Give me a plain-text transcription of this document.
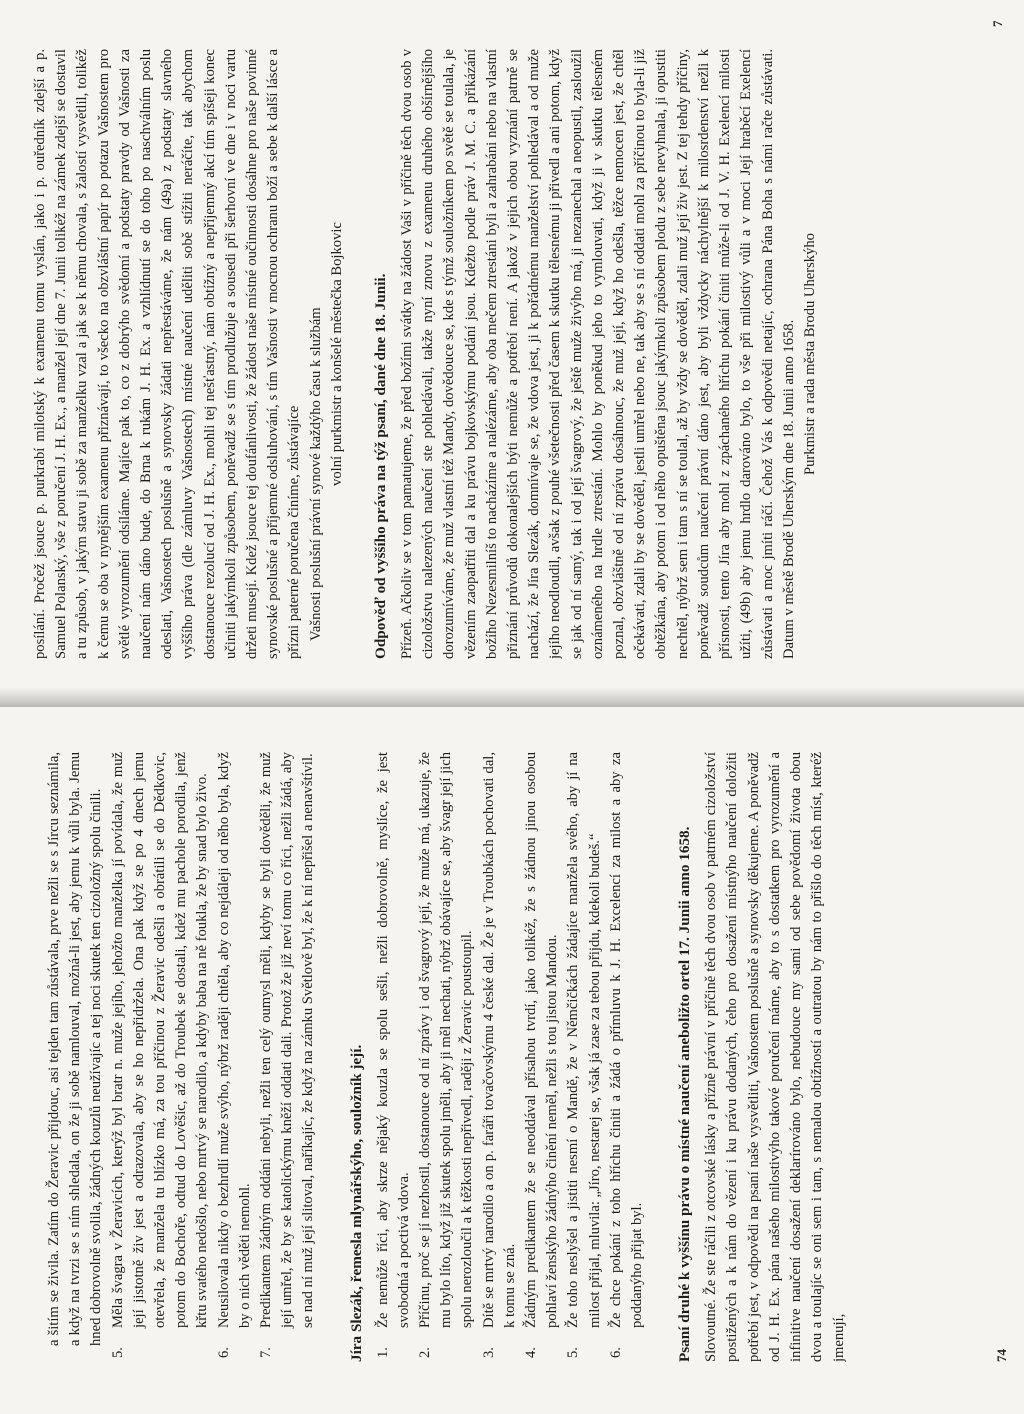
posílání. Pročež jsouce p. purkrabí milotský k examenu tomu vyslán, jako i p. ouředník zdejší a p. Samuel Polanský, vše z poručení J. H. Ex., a manžel její dne 7. Junii tolikéž na zámek zdejší se dostavil a tu způsob, v jakým stavu ji sobě za manželku vzal a jak se k němu chovala, s žalostí vysvětlil, tolikéž k čemu se oba v nynějším examenu přiznávají, to všecko na obzvláštní papír po potazu Vašnostem pro světlé vyrozumění odsíláme. Majíce pak to, co z dobrýho svědomí a podstaty pravdy od Vašnosti za naučení nám dáno bude, do Brna k rukám J. H. Ex. a vzhlídnutí se do toho po naschválním poslu odeslati, Vašnostech poslušně a synovsky žádati nepřestáváme, že nám (49a) z podstaty slavného vyššího práva (dle zámluvy Vašnostech) místné naučení uděliti sobě stížiti neráčíte, tak abychom dostanouce rezolucí od J. H. Ex., mohli tej nešťastný, nám obtížný a nepříjemný akcí tím spíšeji konec učiniti jakýmkoli způsobem, poněvadž se s tím prodlužuje a sousedi při šerhovní ve dne i v noci vartu držeti musejí. Kdež jsouce tej doufánlivosti, že žádost naše místné oučinnosti dosáhne pro naše povinné synovské poslušné a příjemné odsluhování, s tím Vašnosti v mocnou ochranu boží a sebe k další lásce a přízni paterné poručena činíme, zůstávajíce Vašnosti poslušní právní synové každýho času k službám volní purkmistr a konšelé městečka Bojkovic Odpověď od vyššího práva na týž psaní, dané dne 18. Junii. Přízeň. Ačkoliv se v tom pamatujeme, že před božími svátky na žádost Vaši v příčině těch dvou osob v cizoložstvu nalezených naučení ste pohledávali, takže nyní znovu z examenu druhého obšírnějšího dorozumíváme, že muž vlastní též Mandy, dovědouce se, kde s týmž souložníkem po světě se toulala, je vězením zaopatřiti dal a ku právu bojkovskýmu podání jsou. Kdežto podle práv J. M. C. a přikázání božího Nezesmilníš to nacházíme a nalézáme, aby oba mečem ztrestáni byli a zahrabáni nebo na vlastní přiznání průvodů dokonalejších býti nemůže a potřebí není. A jakož v jejich obou vyznání patrně se nachází, že Jíra Slezák, domnívaje se, že vdova jest, ji k pořádnému manželství pohledával a od muže jejího neodloudil, avšak z pouhé všetečnosti před časem k skutku tělesnému ji přivedl a ani potom, když se jak od ní samý, tak i od její švagrový, že ještě muže živýho má, ji nezanechal a neopustil, zasloužil oznámeného na hrdle ztrestání. Mohlo by poněkud jeho to vymlouvati, když ji v skutku tělesném poznal, obzvláštně od ní zprávu dosáhnouc, že muž její, když ho odešla, těžce nemocen jest, že chtěl očekávati, zdali by se dověděl, jestli umřel nebo ne, tak aby se s ní oddati mohl za příčinou to byla-li již obtěžkána, aby potom i od něho opuštěna jsouc jakýmkoli způsobem plodu z sebe nevyhnala, ji opustiti nechtěl, nýbrž sem i tam s ní se toulal, až by vždy se dověděl, zdali muž její živ jest. Z tej tehdy příčiny, poněvadž soudcům naučení právní dáno jest, aby byli vždycky náchylnější k milosrdenství nežli k přísnosti, tento Jíra aby mohl z zpáchaného hříchu pokání činiti může-li od J. V. H. Exelencí milosti užíti, (49b) aby jemu hrdlo darováno bylo, to vše při milostivý vůli a v moci Její hraběcí Exelencí zůstávati a moc jmíti ráčí. Čehož Vás k odpovědi netajíc, ochrana Pána Boha s námi račte zůstávati. Datum v městě Brodě Uherským dne 18. Junii anno 1658. Purkmistr a rada města Brodu Uherskýho

7

a šitím se živila. Zatím do Žeravic přijdouc, asi tejden tam zůstávala, prve nežli se s Jírcu seznámila, a když na tvrzi se s ním shledala, on že ji sobě namlouval, možná-li jest, aby jemu k vůli byla. Jemu hned dobrovolně svolila, žádných kouzlů neužívajíc a tej noci skutek ten cizoložný spolu činili.

5.
Měla švagra v Žeravicích, kterýž byl bratr n. muže jejího, jehožto manželka jí povídala, že muž její jistotně živ jest a odrazovala, aby se ho nepřidržela. Ona pak když se po 4 dnech jemu otevřela, že manžela tu blízko má, za tou příčinou z Žeravic odešli a obrátili se do Dědkovic, potom do Bochoře, odtud do Lověšic, až do Troubek se dostali, kdež mu pachole porodila, jenž křtu svatého nedošlo, nebo mrtvý se narodilo, a kdyby baba na ně foukla, že by snad bylo živo.
6.
Neusilovala nikdy o bezhrdlí muže svýho, nýbrž raději chtěla, aby co nejdáleji od něho byla, když by o nich věděti nemohl.
7.
Predikantem žádným oddáni nebyli, nežli ten celý oumysl měli, kdyby se byli dověděli, že muž její umřel, že by se katolickýmu kněží oddati dali. Protož že již neví tomu co říci, nežli žádá, aby se nad ní muž její slitoval, naříkajíc, že když na zámku Světlově byl, že k ní nepřišel a nenavštívil. Jíra Slezák, řemesla mlynářskýho, souložník její. 1.
Že nemůže říci, aby skrze nějaký kouzla se spolu sešli, nežli dobrovolně, myslíce, že jest svobodná a poctivá vdova.
2.
Příčinu, proč se jí nezhostil, dostanouce od ní zprávy i od švagrový její, že muže má, ukazuje, že mu bylo líto, když již skutek spolu jměli, aby ji měl nechati, nýbrž obávajíce se, aby švagr její jich spolu nerozloučil a k těžkosti nepřivedl, raději z Žeravic poustoupil.
3.
Dítě se mrtvý narodilo a on p. faráři tovačovskýmu 4 české dal. Že je v Troubkách pochovati dal, k tomu se zná.
4.
Žádným predikantem že se neoddával přísahou tvrdí, jako tolikéž, že s žádnou jinou osobou pohlaví ženskýho žádnýho činění neměl, nežli s tou jistou Mandou.
5.
Že toho neslyšel a jistiti nesmí o Mandě, že v Němčičkách žádajíce manžela svého, aby jí na milost přijal, mluvila: „Jíro, nestarej se, však já zase za tebou přijdu, kdekoli budeš.“
6.
Že chce pokání z toho hříchu činiti a žádá o přímluvu k J. H. Excelencí za milost a aby za poddanýho přijat byl. Psaní druhé k vyššínu právu o místné naučení aneboližto ortel 17. Junii anno 1658. Slovoutné. Že ste ráčili z otcovské lásky a přízně právní v příčině těch dvou osob v patrném cizoložství postižených a k nám do vězení i ku právu dodaných, čeho pro dosažení místnýho naučení doložiti potřebí jest, v odpovědi na psaní naše vysvětliti, Vašnostem poslušně a synovsky děkujeme. A poněvadž od J. H. Ex. pána našeho milostivýho takové poručení máme, aby to s dostatkem pro vyrozumění a infinitive naučení dosažení deklarírováno bylo, nebudouce my sami od sebe povědomí života obou dvou a toulajíc se oni sem i tam, s nemalou obtížností a outratou by nám to přišlo do těch míst, kteréž jmenují,	74
